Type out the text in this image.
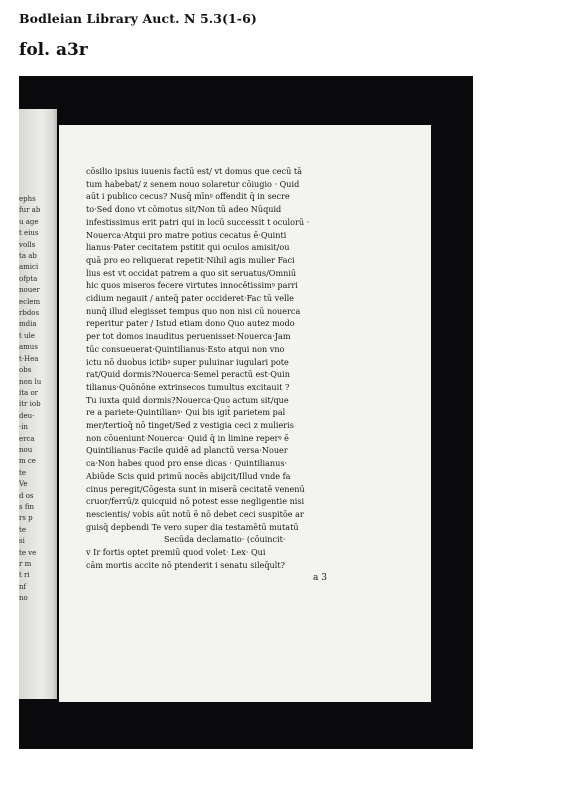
Bodleian Library Auct. N 5.3(1-6)
fol. a3r
ephs
fur ab
u age
t eius
volls
ta ab
amici
ofpta
nouer
eclem
rbdos
mdia
t ule
amus
t·Hea
obs
non lu
ita or
itr iob
deu·
·in
erca
nou
m ce
te
Ve
d os
s fin
rs p
te
si
te ve
r m
t ri
nf
no
cōsilio ipsius iuuenis factū est/ vt domus que cecū tā
tum habebat/ z senem nouo solaretur cōiugio · Quid
aūt i publico cecus? Nusq̄ mīnꝰ offendit q̄ in secre
to·Sed dono vt cōmotus sit/Non tū adeo Nūquid
infestissimus erit patri qui in locū successit t oculorū ·
Nouerca·Atqui pro matre potius cecatus ē·Quinti
lianus·Pater cecitatem pstitit qui oculos amisit/ou
quā pro eo reliquerat repetit·Nihil agis mulier Faci
lius est vt occidat patrem a quo sit seruatus/Omniū
hic quos miseros fecere virtutes innocētissimꝰ parri
cidium negauit / anteq̄ pater occideret·Fac tū velle
nunq̄ illud elegisset tempus quo non nisi cū nouerca
reperitur pater / Istud etiam dono Quo autez modo
per tot domos inauditus peruenisset·Nouerca·Jam
tūc consueuerat·Quintilianus·Esto atqui non vno
ictu nō duobus ictibꝰ super puluinar iugulari pote
rat/Quid dormis?Nouerca·Semel peractū est·Quin
tilianus·Quōnōne extrinsecos tumultus excitauit ?
Tu iuxta quid dormis?Nouerca·Quo actum sit/que
re a pariete·Quintilianꝰ· Qui bis igit̄ parietem pal
mer/tertioq̄ nō tinget/Sed z vestigia ceci z mulieris
non cōueniunt·Nouerca· Quid q̄ in limine reperꝰ ē
Quintilianus·Facile quidē ad planctū versa·Nouer
ca·Non habes quod pro ense dicas · Quintilianus·
Abiūde Scis quid primū nocēs abijcit/Illud vnde fa
cinus peregit/Cōgesta sunt in miserā cecitatē venenū
cruor/ferrū/z quicquid nō potest esse negligentie nisi
nescientis/ vobis aūt notū ē nō debet ceci suspitōe ar
guisq̄ depbendi Te vero super dia testamētū mutatū
Secūda declamatio· (cōuincit·
v Ir fortis optet premiū quod volet· Lex· Qui
cām mortis accite nō ptenderit i senatu sileq̄ult?
a 3
